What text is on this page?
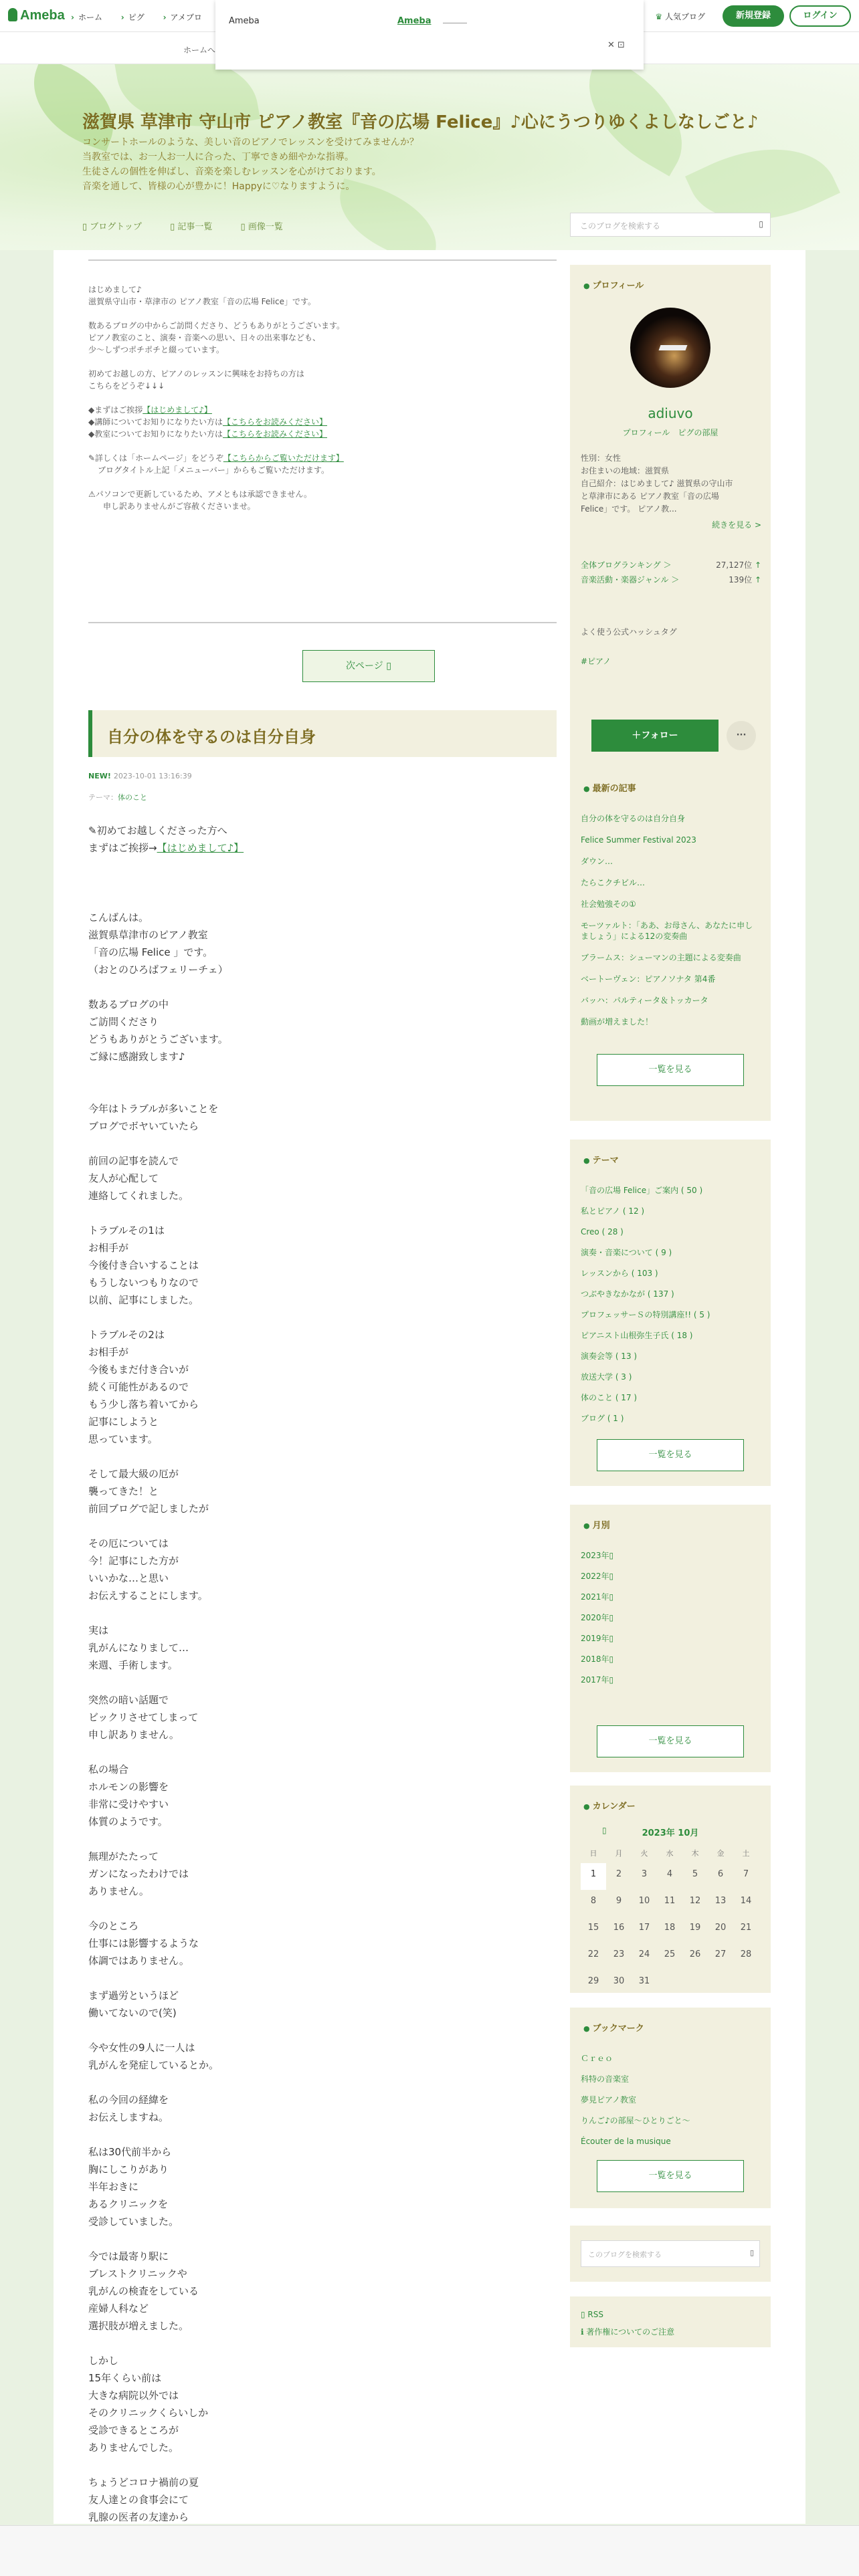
Ameba	› ホーム	› ピグ	› アメブロ	♛ 人気ブログ	新規登録	ログイン
ホームへ
Ameba	Ameba
✕ ⊡
滋賀県 草津市 守山市 ピアノ教室『音の広場 Felice』♪心にうつりゆくよしなしごと♪
コンサートホールのような、美しい音のピアノでレッスンを受けてみませんか？
当教室では、お一人お一人に合った、丁寧できめ細やかな指導。
生徒さんの個性を伸ばし、音楽を楽しむレッスンを心がけております。
音楽を通して、皆様の心が豊かに！Happyに♡なりますように。
▯ ブログトップ	▯ 記事一覧	▯ 画像一覧	このブログを検索する	▯

はじめまして♪

滋賀県守山市・草津市の ピアノ教室「音の広場 Felice」です。

数あるブログの中からご訪問くださり、どうもありがとうございます。

ピアノ教室のこと、演奏・音楽への思い、日々の出来事なども、

少～しずつポチポチと綴っています。

初めてお越しの方、ピアノのレッスンに興味をお持ちの方は

こちらをどうぞ↓↓↓

◆まずはご挨拶【はじめまして♪】

◆講師についてお知りになりたい方は【こちらをお読みください】

◆教室についてお知りになりたい方は【こちらをお読みください】

✎詳しくは「ホームページ」をどうぞ【こちらからご覧いただけます】

ブログタイトル上記「メニューバー」からもご覧いただけます。

⚠パソコンで更新しているため、アメともは承認できません。

申し訳ありませんがご容赦くださいませ。

次ページ ▯
自分の体を守るのは自分自身
NEW! 2023-10-01 13:16:39
テーマ：体のこと
✎初めてお越しくださった方へ
まずはご挨拶→【はじめまして♪】
こんばんは。
滋賀県草津市のピアノ教室
「音の広場 Felice 」です。
（おとのひろばフェリーチェ）
数あるブログの中
ご訪問くださり
どうもありがとうございます。
ご縁に感謝致します♪
今年はトラブルが多いことを
ブログでボヤいていたら
前回の記事を読んで
友人が心配して
連絡してくれました。
トラブルその1は
お相手が
今後付き合いすることは
もうしないつもりなので
以前、記事にしました。
トラブルその2は
お相手が
今後もまだ付き合いが
続く可能性があるので
もう少し落ち着いてから
記事にしようと
思っています。
そして最大級の厄が
襲ってきた！と
前回ブログで記しましたが
その厄については
今！記事にした方が
いいかな…と思い
お伝えすることにします。
実は
乳がんになりまして…
来週、手術します。
突然の暗い話題で
ビックリさせてしまって
申し訳ありません。
私の場合
ホルモンの影響を
非常に受けやすい
体質のようです。
無理がたたって
ガンになったわけでは
ありません。
今のところ
仕事には影響するような
体調ではありません。
まず過労というほど
働いてないので(笑)
今や女性の9人に一人は
乳がんを発症しているとか。
私の今回の経緯を
お伝えしますね。
私は30代前半から
胸にしこりがあり
半年おきに
あるクリニックを
受診していました。
今では最寄り駅に
ブレストクリニックや
乳がんの検査をしている
産婦人科など
選択肢が増えました。
しかし
15年くらい前は
大きな病院以外では
そのクリニックくらいしか
受診できるところが
ありませんでした。
ちょうどコロナ禍前の夏
友人達との食事会にて
乳腺の医者の友達から
● プロフィール
adiuvo
プロフィール　ピグの部屋
性別：女性
お住まいの地域：滋賀県
自己紹介：はじめまして♪ 滋賀県の守山市
と草津市にある ピアノ教室「音の広場
Felice」です。 ピアノ教...
続きを見る >
全体ブログランキング ＞	27,127位 ↑
音楽活動・楽器ジャンル ＞	139位 ↑
よく使う公式ハッシュタグ
#ピアノ
＋フォロー	···
● 最新の記事
自分の体を守るのは自分自身
Felice Summer Festival 2023
ダウン…
たらこクチビル…
社会勉強その①
モーツァルト：「ああ、お母さん、あなたに申しましょう」による12の変奏曲
ブラームス：シューマンの主題による変奏曲
ベートーヴェン：ピアノソナタ 第4番
バッハ：パルティータ＆トッカータ
動画が増えました！
一覧を見る
● テーマ
「音の広場 Felice」ご案内 ( 50 )
私とピアノ ( 12 )
Creo ( 28 )
演奏・音楽について ( 9 )
レッスンから ( 103 )
つぶやきなかなが ( 137 )
プロフェッサーＳの特別講座!! ( 5 )
ピアニスト山根弥生子氏 ( 18 )
演奏会等 ( 13 )
放送大学 ( 3 )
体のこと ( 17 )
ブログ ( 1 )
一覧を見る
● 月別
2023年▯
2022年▯
2021年▯
2020年▯
2019年▯
2018年▯
2017年▯
一覧を見る
● カレンダー
▯	2023年 10月
日	月	火	水	木	金	土
1	2	3	4	5	6	7
8	9	10	11	12	13	14
15	16	17	18	19	20	21
22	23	24	25	26	27	28
29	30	31
● ブックマーク
Ｃｒｅｏ
科特の音楽室
夢見ピアノ教室
りんご♪の部屋〜ひとりごと〜
Écouter de la musique
一覧を見る
このブログを検索する	▯
▯ RSS
ℹ 著作権についてのご注意
